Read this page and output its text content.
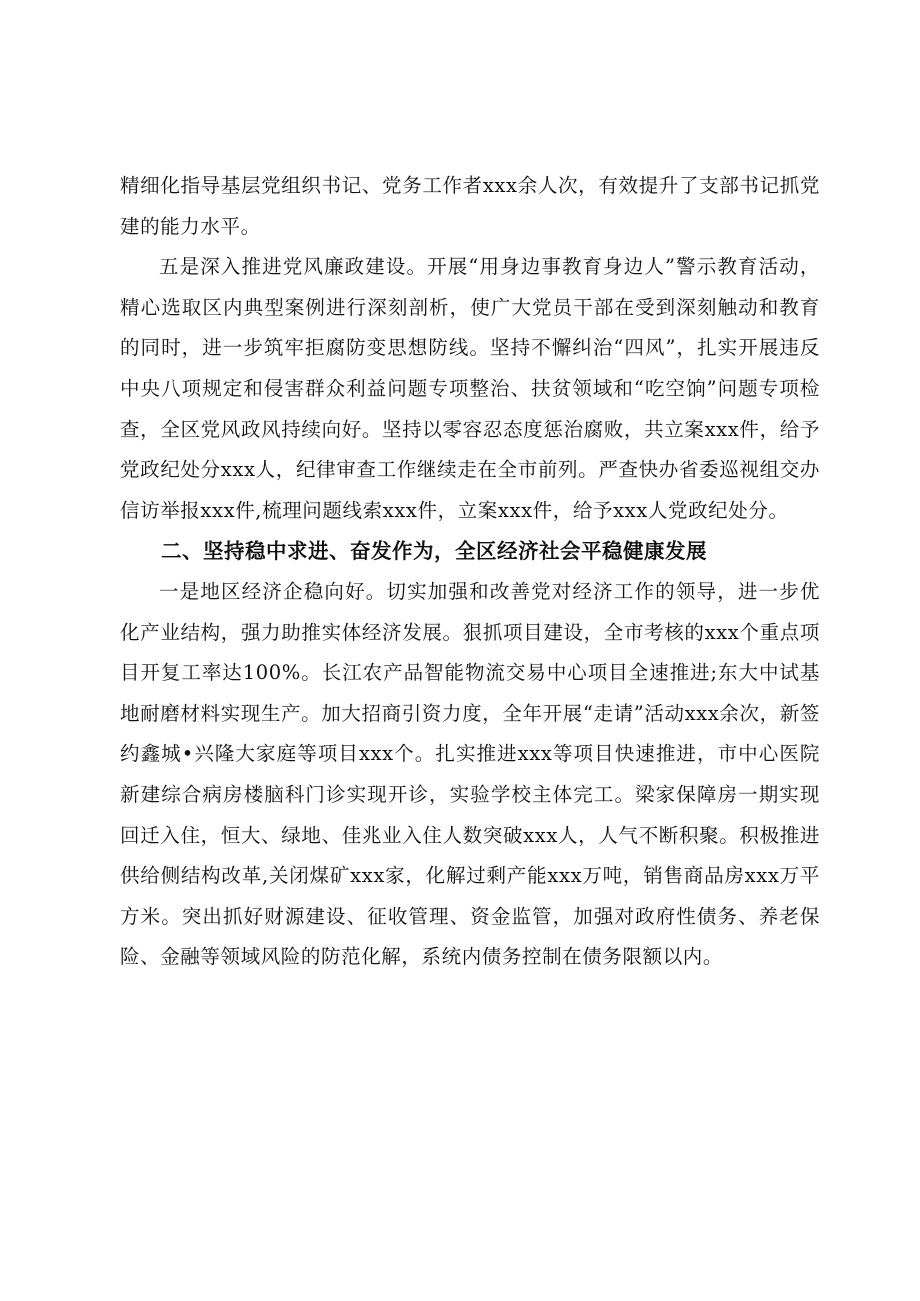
精细化指导基层党组织书记、党务工作者xxx余人次，有效提升了支部书记抓党建的能力水平。

五是深入推进党风廉政建设。开展“用身边事教育身边人”警示教育活动，精心选取区内典型案例进行深刻剖析，使广大党员干部在受到深刻触动和教育的同时，进一步筑牢拒腐防变思想防线。坚持不懈纠治“四风”，扎实开展违反中央八项规定和侵害群众利益问题专项整治、扶贫领域和“吃空饷”问题专项检查，全区党风政风持续向好。坚持以零容忍态度惩治腐败，共立案xxx件，给予党政纪处分xxx人，纪律审查工作继续走在全市前列。严查快办省委巡视组交办信访举报xxx件,梳理问题线索xxx件，立案xxx件，给予xxx人党政纪处分。

二、坚持稳中求进、奋发作为，全区经济社会平稳健康发展

一是地区经济企稳向好。切实加强和改善党对经济工作的领导，进一步优化产业结构，强力助推实体经济发展。狠抓项目建设，全市考核的xxx个重点项目开复工率达100%。长江农产品智能物流交易中心项目全速推进;东大中试基地耐磨材料实现生产。加大招商引资力度，全年开展“走请”活动xxx余次，新签约鑫城•兴隆大家庭等项目xxx个。扎实推进xxx等项目快速推进，市中心医院新建综合病房楼脑科门诊实现开诊，实验学校主体完工。梁家保障房一期实现回迁入住，恒大、绿地、佳兆业入住人数突破xxx人，人气不断积聚。积极推进供给侧结构改革,关闭煤矿xxx家，化解过剩产能xxx万吨，销售商品房xxx万平方米。突出抓好财源建设、征收管理、资金监管，加强对政府性债务、养老保险、金融等领域风险的防范化解，系统内债务控制在债务限额以内。
